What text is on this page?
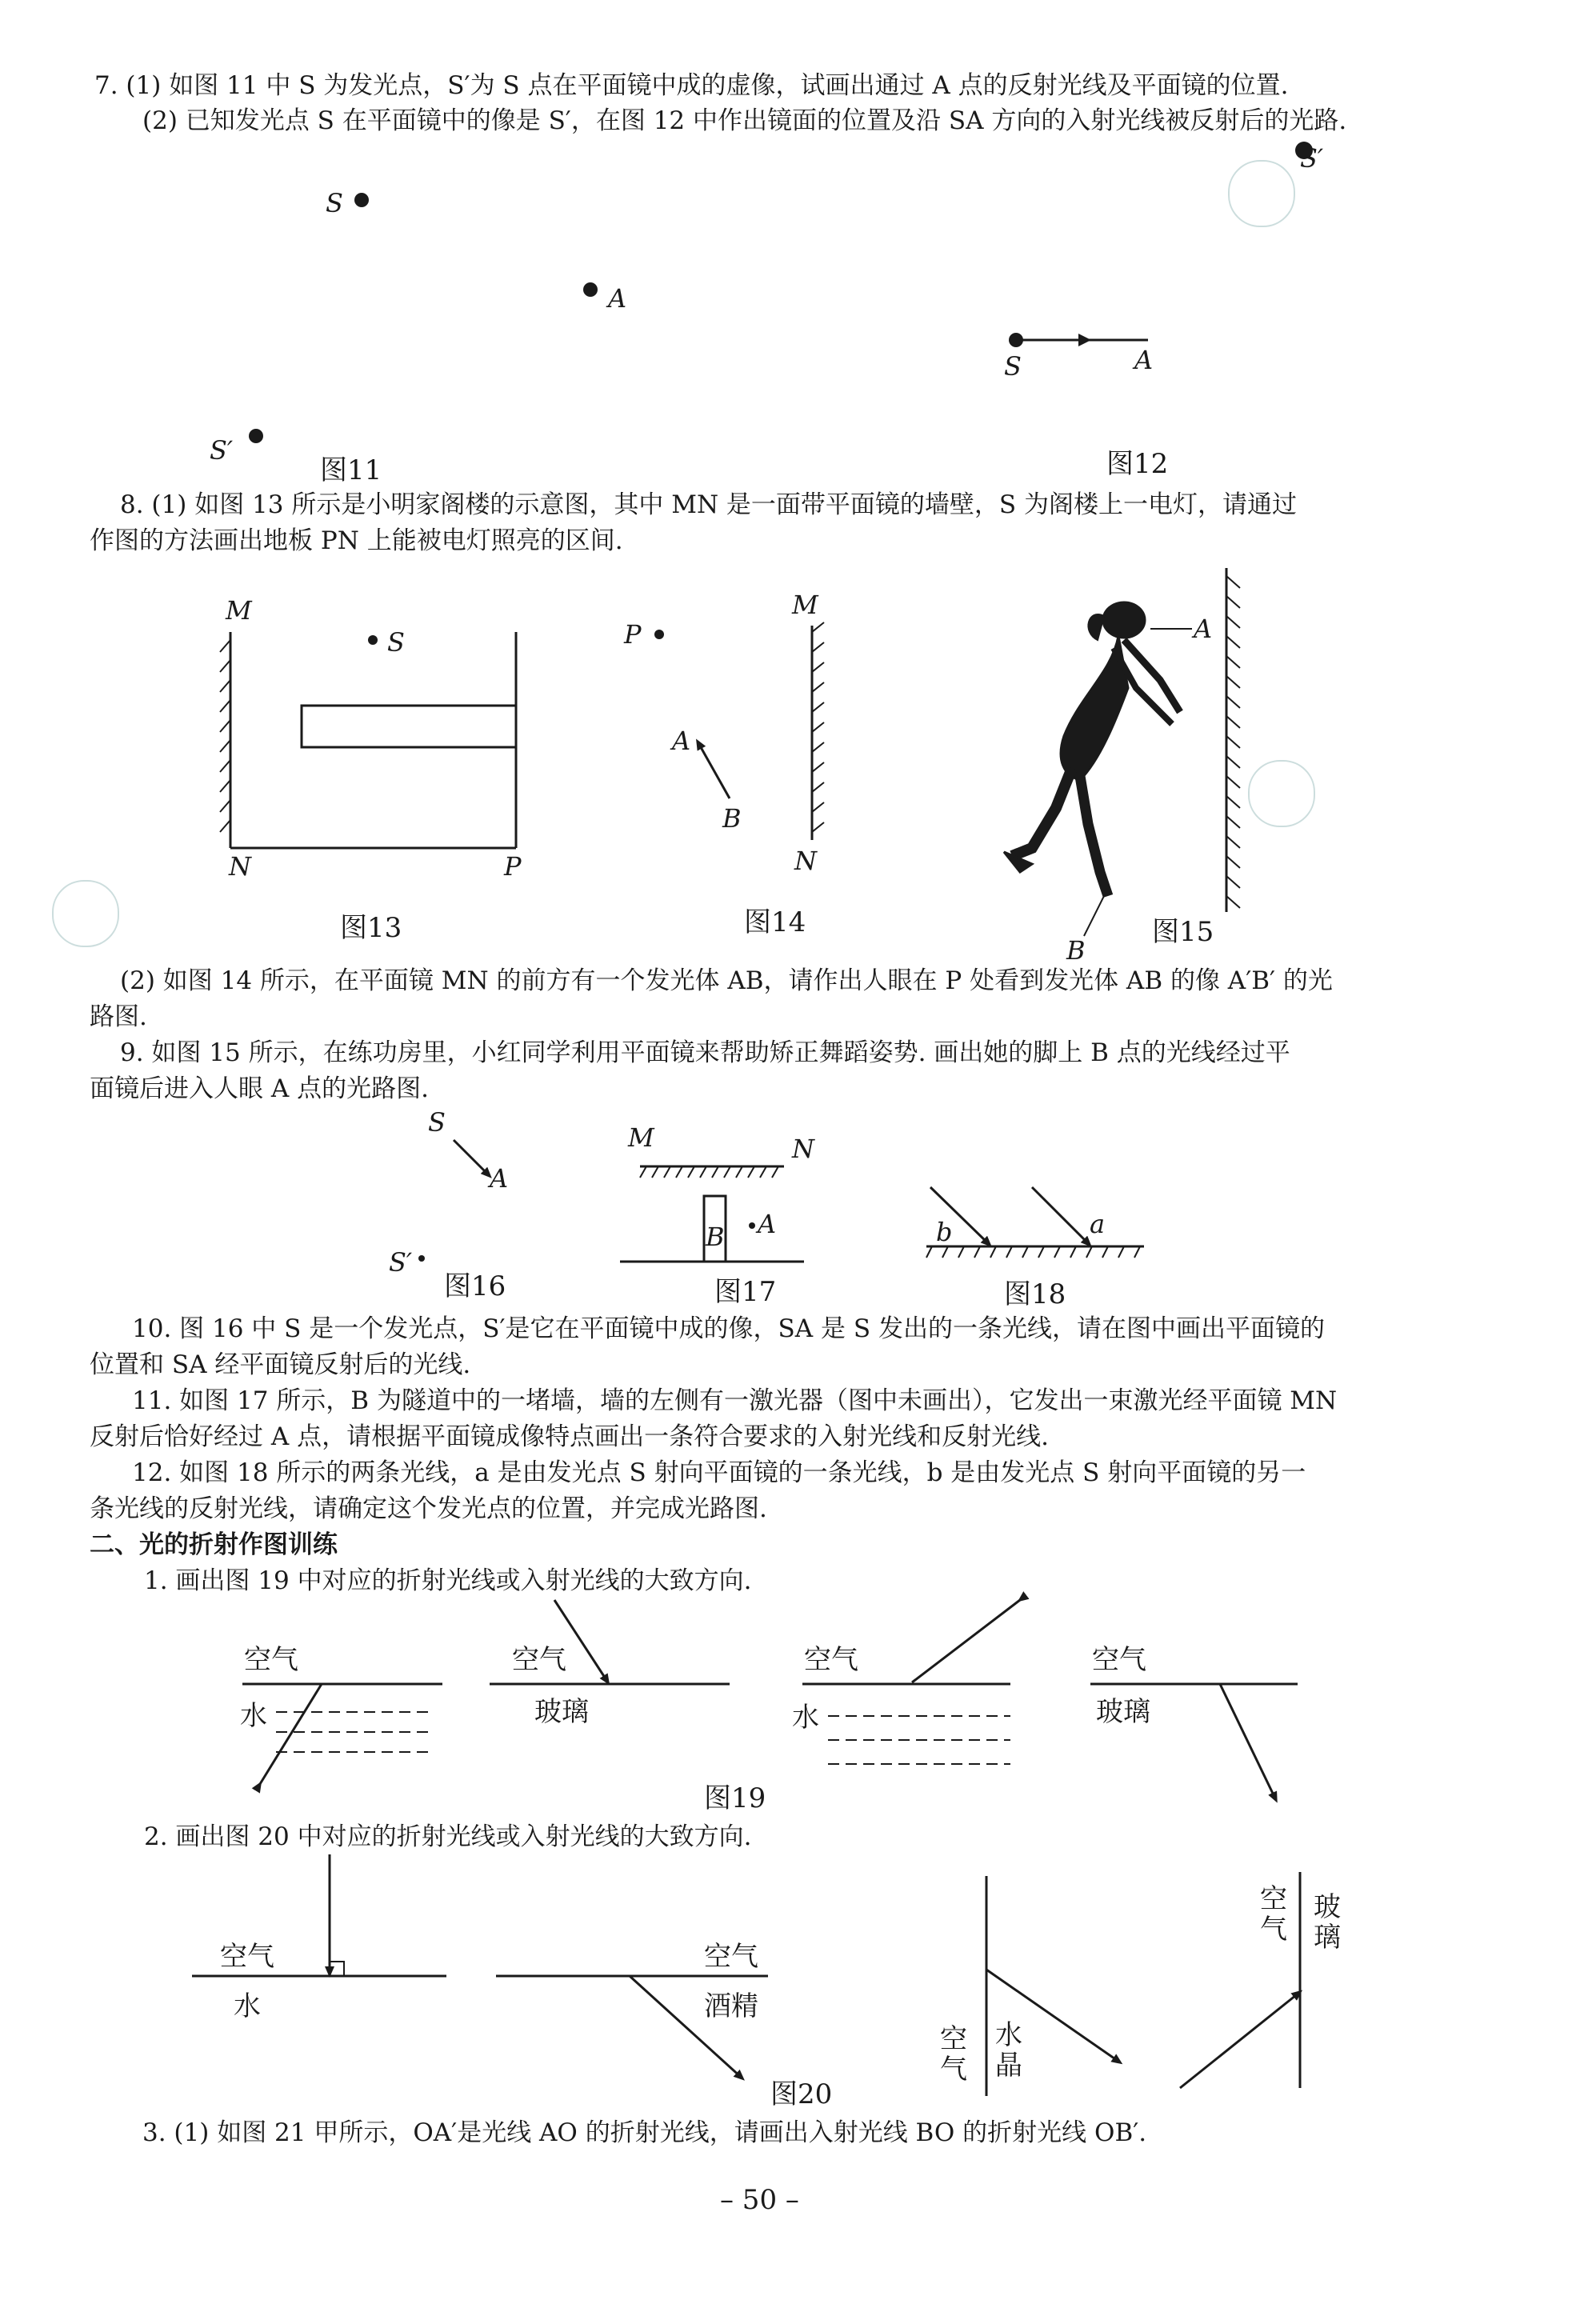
7. (1) 如图 11 中 S 为发光点，S′为 S 点在平面镜中成的虚像，试画出通过 A 点的反射光线及平面镜的位置.

(2) 已知发光点 S 在平面镜中的像是 S′，在图 12 中作出镜面的位置及沿 SA 方向的入射光线被反射后的光路.

8. (1) 如图 13 所示是小明家阁楼的示意图，其中 MN 是一面带平面镜的墙壁，S 为阁楼上一电灯，请通过

作图的方法画出地板 PN 上能被电灯照亮的区间.

(2) 如图 14 所示，在平面镜 MN 的前方有一个发光体 AB，请作出人眼在 P 处看到发光体 AB 的像 A′B′ 的光

路图.

9. 如图 15 所示，在练功房里，小红同学利用平面镜来帮助矫正舞蹈姿势. 画出她的脚上 B 点的光线经过平

面镜后进入人眼 A 点的光路图.

10. 图 16 中 S 是一个发光点，S′是它在平面镜中成的像，SA 是 S 发出的一条光线，请在图中画出平面镜的

位置和 SA 经平面镜反射后的光线.

11. 如图 17 所示，B 为隧道中的一堵墙，墙的左侧有一激光器（图中未画出），它发出一束激光经平面镜 MN

反射后恰好经过 A 点，请根据平面镜成像特点画出一条符合要求的入射光线和反射光线.

12. 如图 18 所示的两条光线，a 是由发光点 S 射向平面镜的一条光线，b 是由发光点 S 射向平面镜的另一

条光线的反射光线，请确定这个发光点的位置，并完成光路图.

二、光的折射作图训练

1. 画出图 19 中对应的折射光线或入射光线的大致方向.

2. 画出图 20 中对应的折射光线或入射光线的大致方向.

3. (1) 如图 21 甲所示，OA′是光线 AO 的折射光线，请画出入射光线 BO 的折射光线 OB′.

– 50 –
S
A
S′
图11
S	A
S′
图12
M
S
N	P
图13
P
M
A
B
N
图14
A
B
图15
S
A
S′
图16
M	N
B A
图17
b	a
图18
空气
水
空气
玻璃
空气
水
空气
玻璃
图19
空气
水
空气
酒精
空气
水晶
空气
玻璃
图20
